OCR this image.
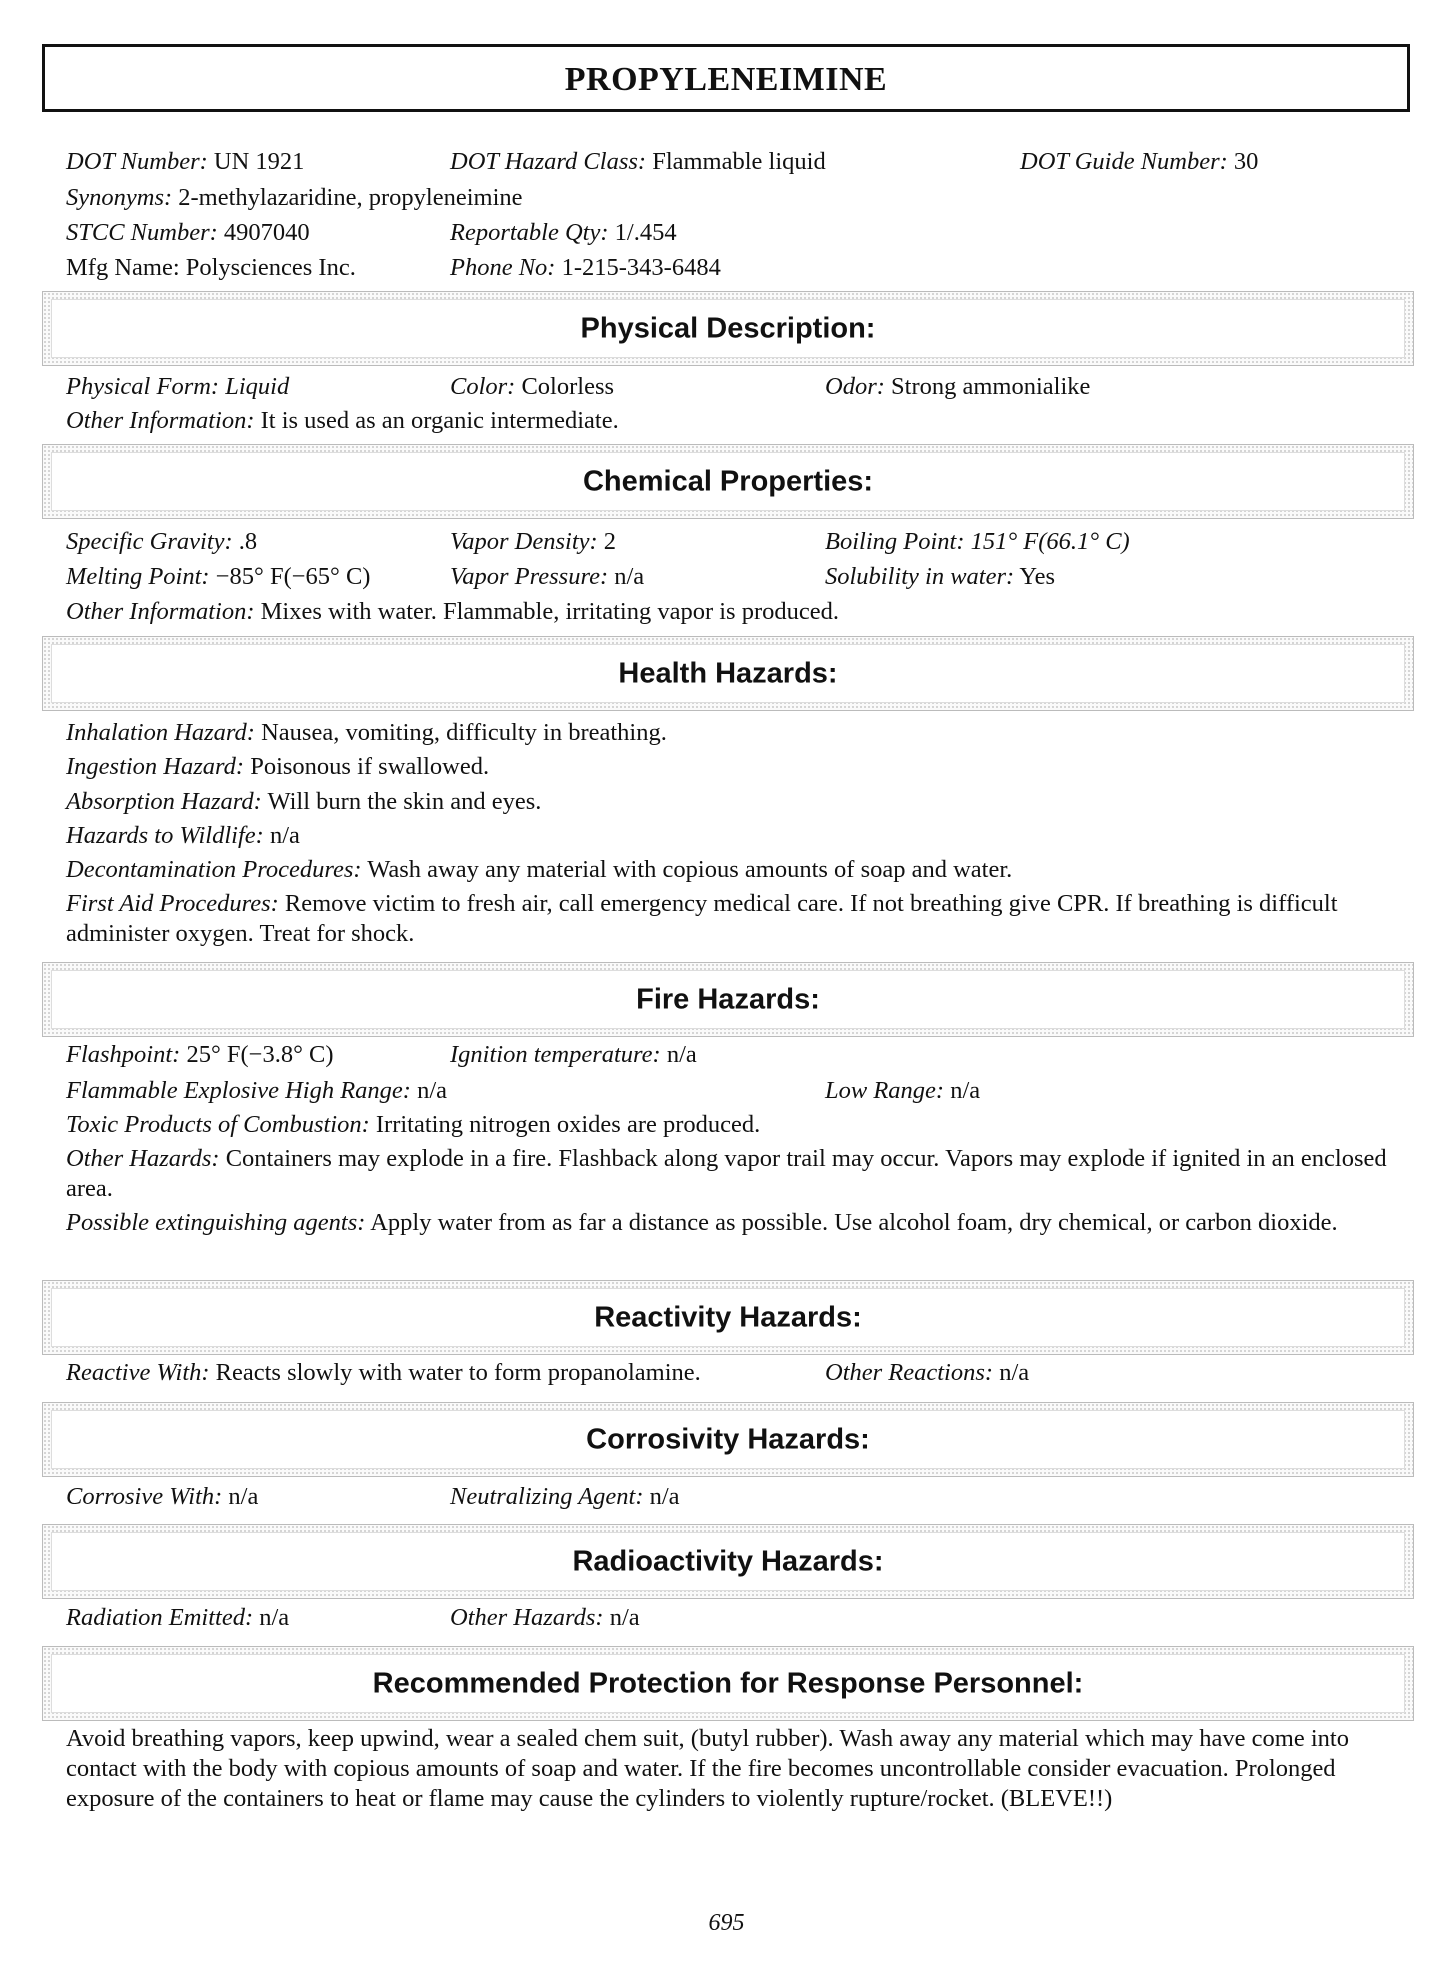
PROPYLENEIMINE
DOT Number: UN 1921	DOT Hazard Class: Flammable liquid	DOT Guide Number: 30
Synonyms: 2-methylazaridine, propyleneimine
STCC Number: 4907040	Reportable Qty: 1/.454
Mfg Name: Polysciences Inc.	Phone No: 1-215-343-6484
Physical Description:
Physical Form: Liquid	Color: Colorless	Odor: Strong ammonialike
Other Information: It is used as an organic intermediate.
Chemical Properties:
Specific Gravity: .8	Vapor Density: 2	Boiling Point: 151° F(66.1° C)
Melting Point: −85° F(−65° C)	Vapor Pressure: n/a	Solubility in water: Yes
Other Information: Mixes with water. Flammable, irritating vapor is produced.
Health Hazards:
Inhalation Hazard: Nausea, vomiting, difficulty in breathing.
Ingestion Hazard: Poisonous if swallowed.
Absorption Hazard: Will burn the skin and eyes.
Hazards to Wildlife: n/a
Decontamination Procedures: Wash away any material with copious amounts of soap and water.
First Aid Procedures: Remove victim to fresh air, call emergency medical care. If not breathing give CPR. If breathing is difficult administer oxygen. Treat for shock.
Fire Hazards:
Flashpoint: 25° F(−3.8° C)	Ignition temperature: n/a
Flammable Explosive High Range: n/a	Low Range: n/a
Toxic Products of Combustion: Irritating nitrogen oxides are produced.
Other Hazards: Containers may explode in a fire. Flashback along vapor trail may occur. Vapors may explode if ignited in an enclosed area.
Possible extinguishing agents: Apply water from as far a distance as possible. Use alcohol foam, dry chemical, or carbon dioxide.
Reactivity Hazards:
Reactive With: Reacts slowly with water to form propanolamine.	Other Reactions: n/a
Corrosivity Hazards:
Corrosive With: n/a	Neutralizing Agent: n/a
Radioactivity Hazards:
Radiation Emitted: n/a	Other Hazards: n/a
Recommended Protection for Response Personnel:
Avoid breathing vapors, keep upwind, wear a sealed chem suit, (butyl rubber). Wash away any material which may have come into contact with the body with copious amounts of soap and water. If the fire becomes uncontrollable consider evacuation. Prolonged exposure of the containers to heat or flame may cause the cylinders to violently rupture/rocket. (BLEVE!!)
695
